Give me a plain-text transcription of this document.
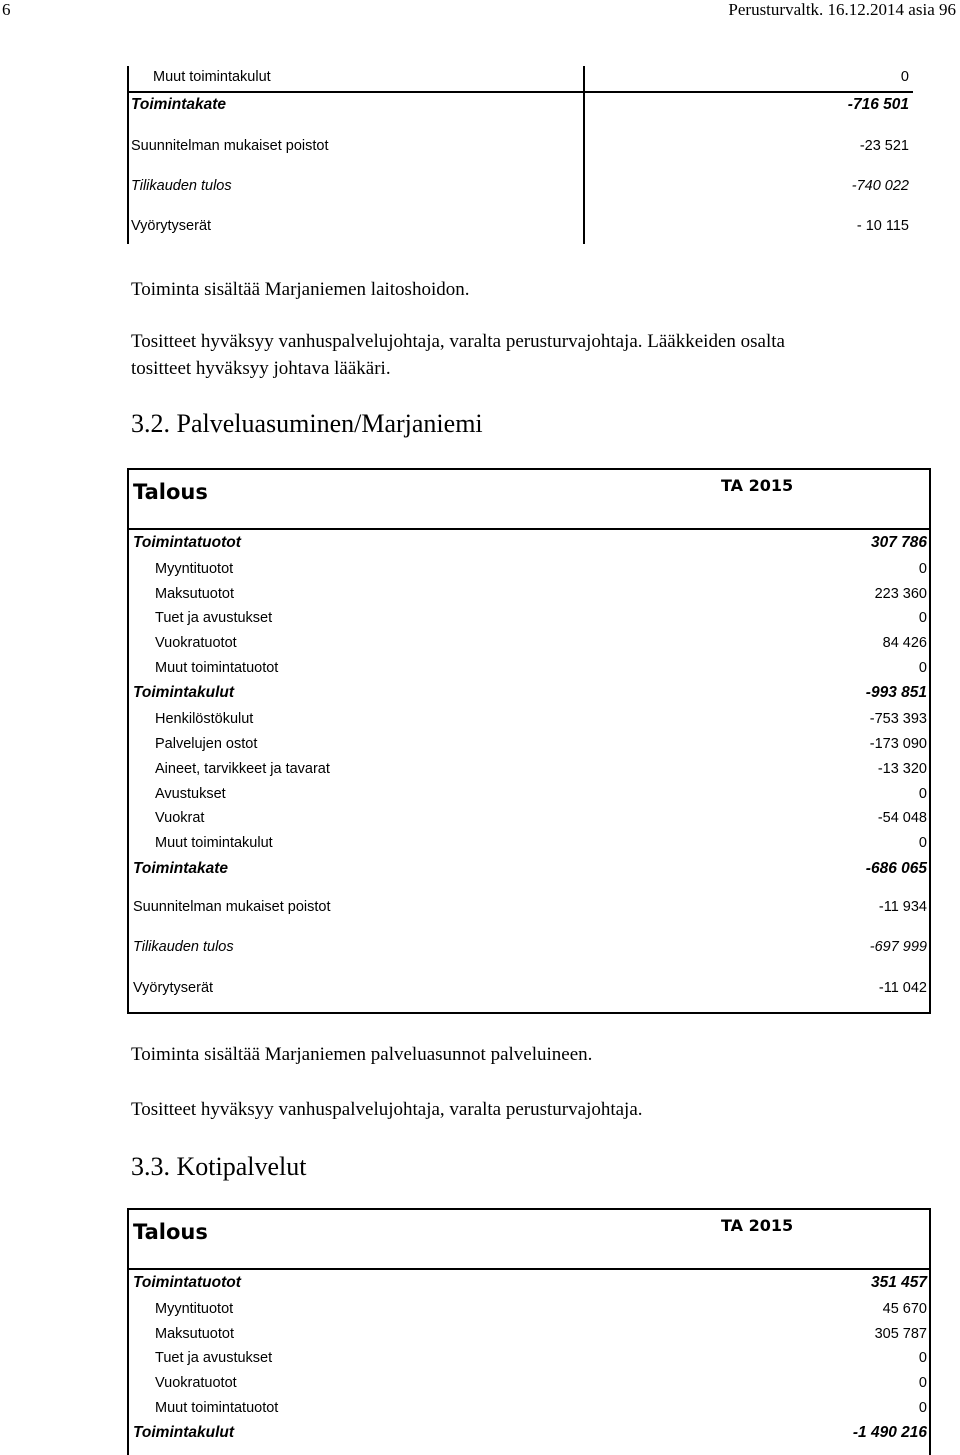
6	Perusturvaltk. 16.12.2014 asia 96
Muut toimintakulut	0
Toimintakate	-716 501
Suunnitelman mukaiset poistot	-23 521
Tilikauden tulos	-740 022
Vyörytyserät	- 10 115
Toiminta sisältää Marjaniemen laitoshoidon.
Tositteet hyväksyy vanhuspalvelujohtaja, varalta perusturvajohtaja. Lääkkeiden osalta
tositteet hyväksyy johtava lääkäri.
3.2. Palveluasuminen/Marjaniemi
Talous	TA 2015
Toimintatuotot	307 786
Myyntituotot	0
Maksutuotot	223 360
Tuet ja avustukset	0
Vuokratuotot	84 426
Muut toimintatuotot	0
Toimintakulut	-993 851
Henkilöstökulut	-753 393
Palvelujen ostot	-173 090
Aineet, tarvikkeet ja tavarat	-13 320
Avustukset	0
Vuokrat	-54 048
Muut toimintakulut	0
Toimintakate	-686 065
Suunnitelman mukaiset poistot	-11 934
Tilikauden tulos	-697 999
Vyörytyserät	-11 042
Toiminta sisältää Marjaniemen palveluasunnot palveluineen.
Tositteet hyväksyy vanhuspalvelujohtaja, varalta perusturvajohtaja.
3.3. Kotipalvelut
Talous	TA 2015
Toimintatuotot	351 457
Myyntituotot	45 670
Maksutuotot	305 787
Tuet ja avustukset	0
Vuokratuotot	0
Muut toimintatuotot	0
Toimintakulut	-1 490 216
